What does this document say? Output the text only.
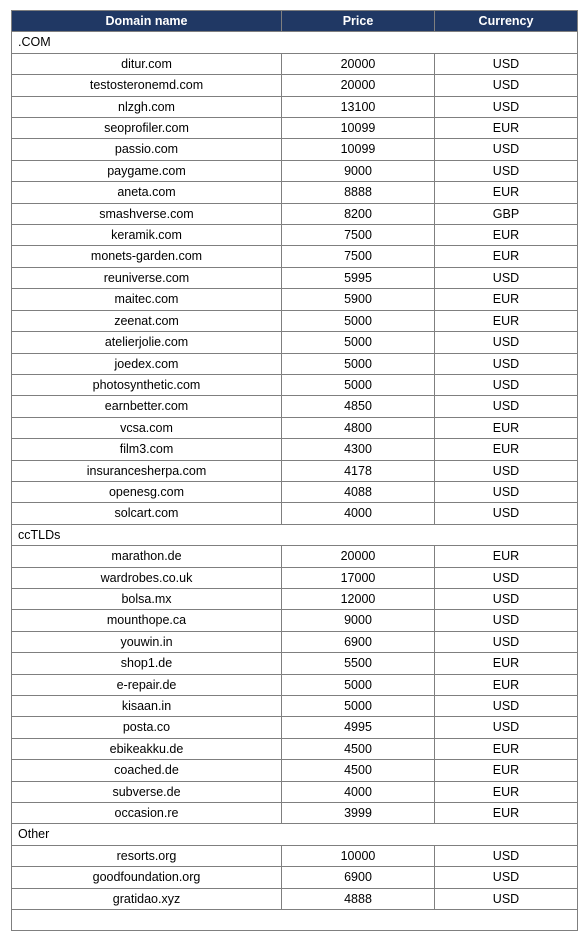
Domain name	Price	Currency
.COM		
ditur.com	20000	USD
testosteronemd.com	20000	USD
nlzgh.com	13100	USD
seoprofiler.com	10099	EUR
passio.com	10099	USD
paygame.com	9000	USD
aneta.com	8888	EUR
smashverse.com	8200	GBP
keramik.com	7500	EUR
monets-garden.com	7500	EUR
reuniverse.com	5995	USD
maitec.com	5900	EUR
zeenat.com	5000	EUR
atelierjolie.com	5000	USD
joedex.com	5000	USD
photosynthetic.com	5000	USD
earnbetter.com	4850	USD
vcsa.com	4800	EUR
film3.com	4300	EUR
insurancesherpa.com	4178	USD
openesg.com	4088	USD
solcart.com	4000	USD
ccTLDs		
marathon.de	20000	EUR
wardrobes.co.uk	17000	USD
bolsa.mx	12000	USD
mounthope.ca	9000	USD
youwin.in	6900	USD
shop1.de	5500	EUR
e-repair.de	5000	EUR
kisaan.in	5000	USD
posta.co	4995	USD
ebikeakku.de	4500	EUR
coached.de	4500	EUR
subverse.de	4000	EUR
occasion.re	3999	EUR
Other		
resorts.org	10000	USD
goodfoundation.org	6900	USD
gratidao.xyz	4888	USD
